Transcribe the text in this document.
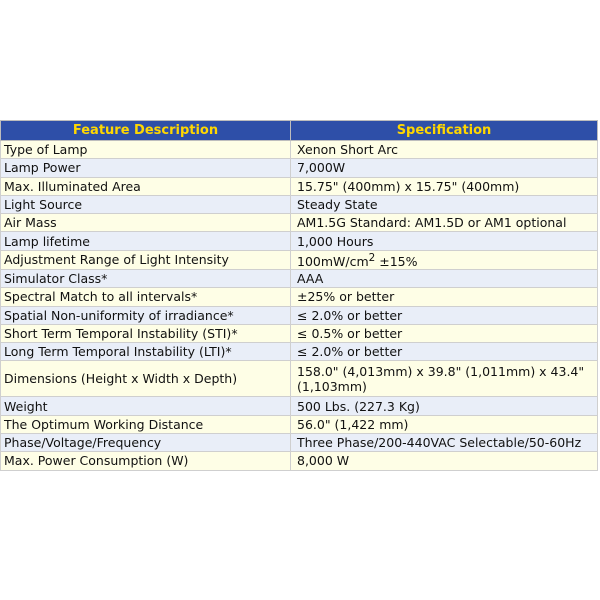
Feature Description	Specification
Type of Lamp	Xenon Short Arc
Lamp Power	7,000W
Max. Illuminated Area	15.75" (400mm) x 15.75" (400mm)
Light Source	Steady State
Air Mass	AM1.5G Standard: AM1.5D or AM1 optional
Lamp lifetime	1,000 Hours
Adjustment Range of Light Intensity	$100mW/cm^2 \pm 15\%$
Simulator Class*	AAA
Spectral Match to all intervals*	±25% or better
Spatial Non-uniformity of irradiance*	≤ 2.0% or better
Short Term Temporal Instability (STI)*	≤ 0.5% or better
Long Term Temporal Instability (LTI)*	≤ 2.0% or better
Dimensions (Height x Width x Depth)	158.0" (4,013mm) x 39.8" (1,011mm) x 43.4" (1,103mm)
Weight	500 Lbs. (227.3 Kg)
The Optimum Working Distance	56.0" (1,422 mm)
Phase/Voltage/Frequency	Three Phase/200-440VAC Selectable/50-60Hz
Max. Power Consumption (W)	8,000 W
